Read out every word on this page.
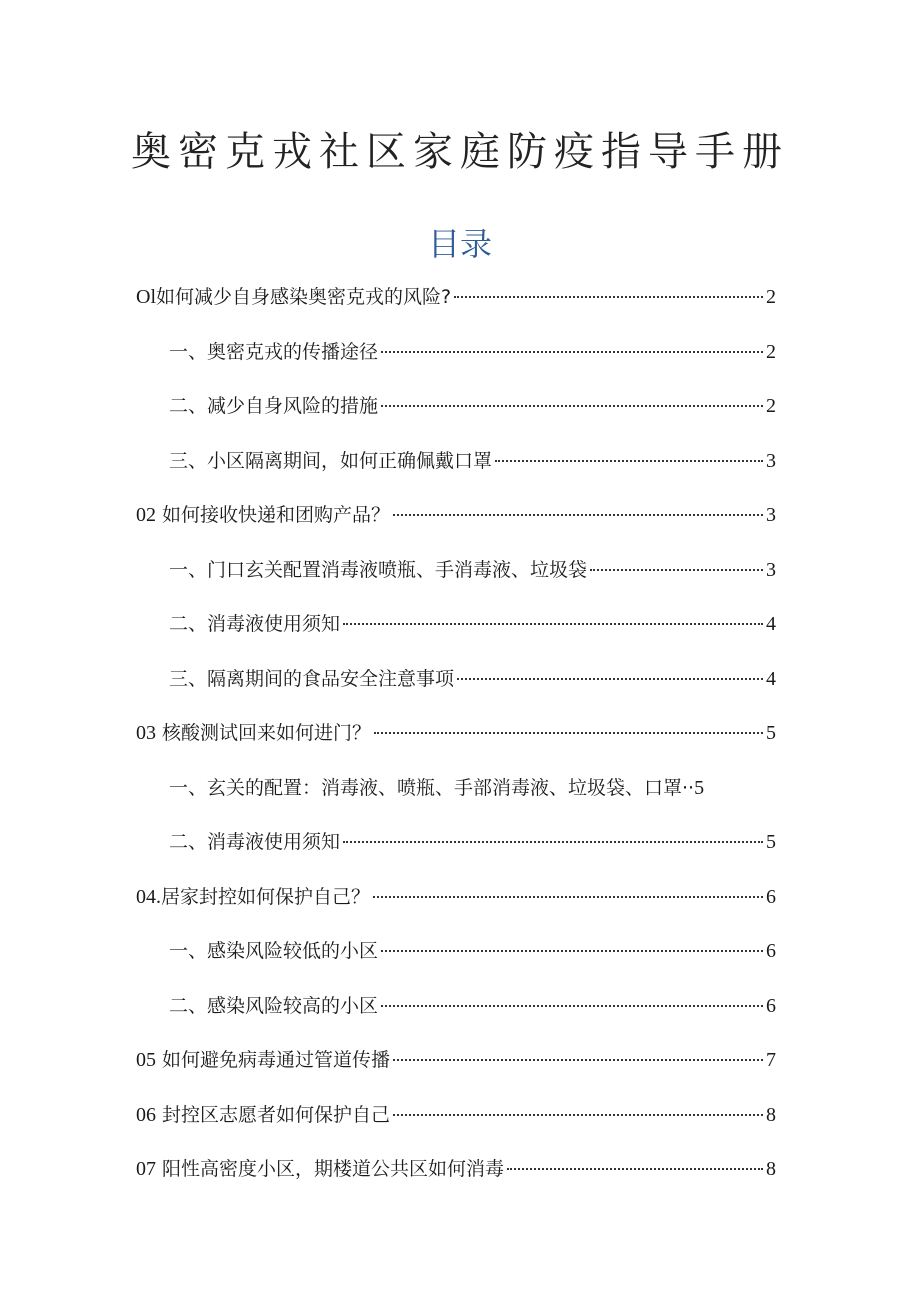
奥密克戎社区家庭防疫指导手册
目录
Ol如何减少自身感染奥密克戎的风险?	2
一、奥密克戎的传播途径	2
二、减少自身风险的措施	2
三、小区隔离期间，如何正确佩戴口罩	3
02 如何接收快递和团购产品？	3
一、门口玄关配置消毒液喷瓶、手消毒液、垃圾袋	3
二、消毒液使用须知	4
三、隔离期间的食品安全注意事项	4
03 核酸测试回来如何进门？	5
一、玄关的配置：消毒液、喷瓶、手部消毒液、垃圾袋、口罩·· 5
二、消毒液使用须知	5
04.居家封控如何保护自己？	6
一、感染风险较低的小区	6
二、感染风险较高的小区	6
05 如何避免病毒通过管道传播	7
06 封控区志愿者如何保护自己	8
07 阳性高密度小区，期楼道公共区如何消毒	8
